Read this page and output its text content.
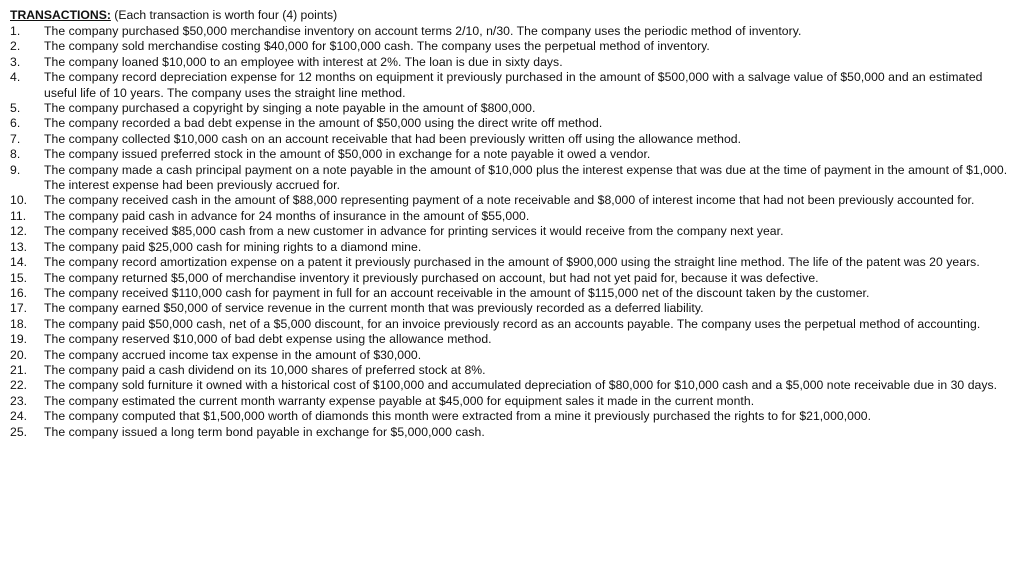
TRANSACTIONS: (Each transaction is worth four (4) points)
1.	The company purchased $50,000 merchandise inventory on account terms 2/10, n/30. The company uses the periodic method of inventory.
2.	The company sold merchandise costing $40,000 for $100,000 cash. The company uses the perpetual method of inventory.
3.	The company loaned $10,000 to an employee with interest at 2%. The loan is due in sixty days.
4.	The company record depreciation expense for 12 months on equipment it previously purchased in the amount of $500,000 with a salvage value of $50,000 and an estimated useful life of 10 years. The company uses the straight line method.
5.	The company purchased a copyright by singing a note payable in the amount of $800,000.
6.	The company recorded a bad debt expense in the amount of $50,000 using the direct write off method.
7.	The company collected $10,000 cash on an account receivable that had been previously written off using the allowance method.
8.	The company issued preferred stock in the amount of $50,000 in exchange for a note payable it owed a vendor.
9.	The company made a cash principal payment on a note payable in the amount of $10,000 plus the interest expense that was due at the time of payment in the amount of $1,000. The interest expense had been previously accrued for.
10.	The company received cash in the amount of $88,000 representing payment of a note receivable and $8,000 of interest income that had not been previously accounted for.
11.	The company paid cash in advance for 24 months of insurance in the amount of $55,000.
12.	The company received $85,000 cash from a new customer in advance for printing services it would receive from the company next year.
13.	The company paid $25,000 cash for mining rights to a diamond mine.
14.	The company record amortization expense on a patent it previously purchased in the amount of $900,000 using the straight line method. The life of the patent was 20 years.
15.	The company returned $5,000 of merchandise inventory it previously purchased on account, but had not yet paid for, because it was defective.
16.	The company received $110,000 cash for payment in full for an account receivable in the amount of $115,000 net of the discount taken by the customer.
17.	The company earned $50,000 of service revenue in the current month that was previously recorded as a deferred liability.
18.	The company paid $50,000 cash, net of a $5,000 discount, for an invoice previously record as an accounts payable. The company uses the perpetual method of accounting.
19.	The company reserved $10,000 of bad debt expense using the allowance method.
20.	The company accrued income tax expense in the amount of $30,000.
21.	The company paid a cash dividend on its 10,000 shares of preferred stock at 8%.
22.	The company sold furniture it owned with a historical cost of $100,000 and accumulated depreciation of $80,000 for $10,000 cash and a $5,000 note receivable due in 30 days.
23.	The company estimated the current month warranty expense payable at $45,000 for equipment sales it made in the current month.
24.	The company computed that $1,500,000 worth of diamonds this month were extracted from a mine it previously purchased the rights to for $21,000,000.
25.	The company issued a long term bond payable in exchange for $5,000,000 cash.
